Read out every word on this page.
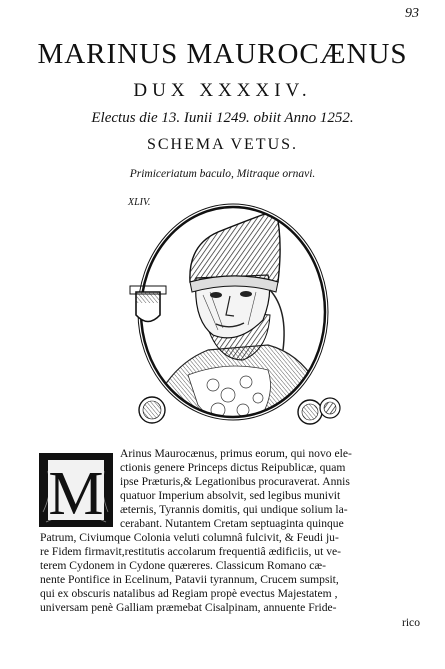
93
MARINUS MAUROCÆNUS
DUX XXXXIV.
Electus die 13. Iunii 1249. obiit Anno 1252.
SCHEMA VETUS.
Primiceriatum baculo, Mitraque ornavi.
XLIV.
M
Arinus Maurocænus, primus eorum, qui novo ele-
ctionis genere Princeps dictus Reipublicæ, quam
ipse Præturis,& Legationibus procuraverat. Annis
quatuor Imperium absolvit, sed legibus munivit
æternis, Tyrannis domitis, qui undique solium la-
cerabant. Nutantem Cretam septuaginta quinque
Patrum, Civiumque Colonia veluti columnâ fulcivit, & Feudi ju-
re Fidem firmavit,restitutis accolarum frequentiâ ædificiis, ut ve-
terem Cydonem in Cydone quæreres. Classicum Romano cæ-
nente Pontifice in Ecelinum, Patavii tyrannum, Crucem sumpsit,
qui ex obscuris natalibus ad Regiam propè evectus Majestatem ,
universam penè Galliam præmebat Cisalpinam, annuente Fride-
rico
